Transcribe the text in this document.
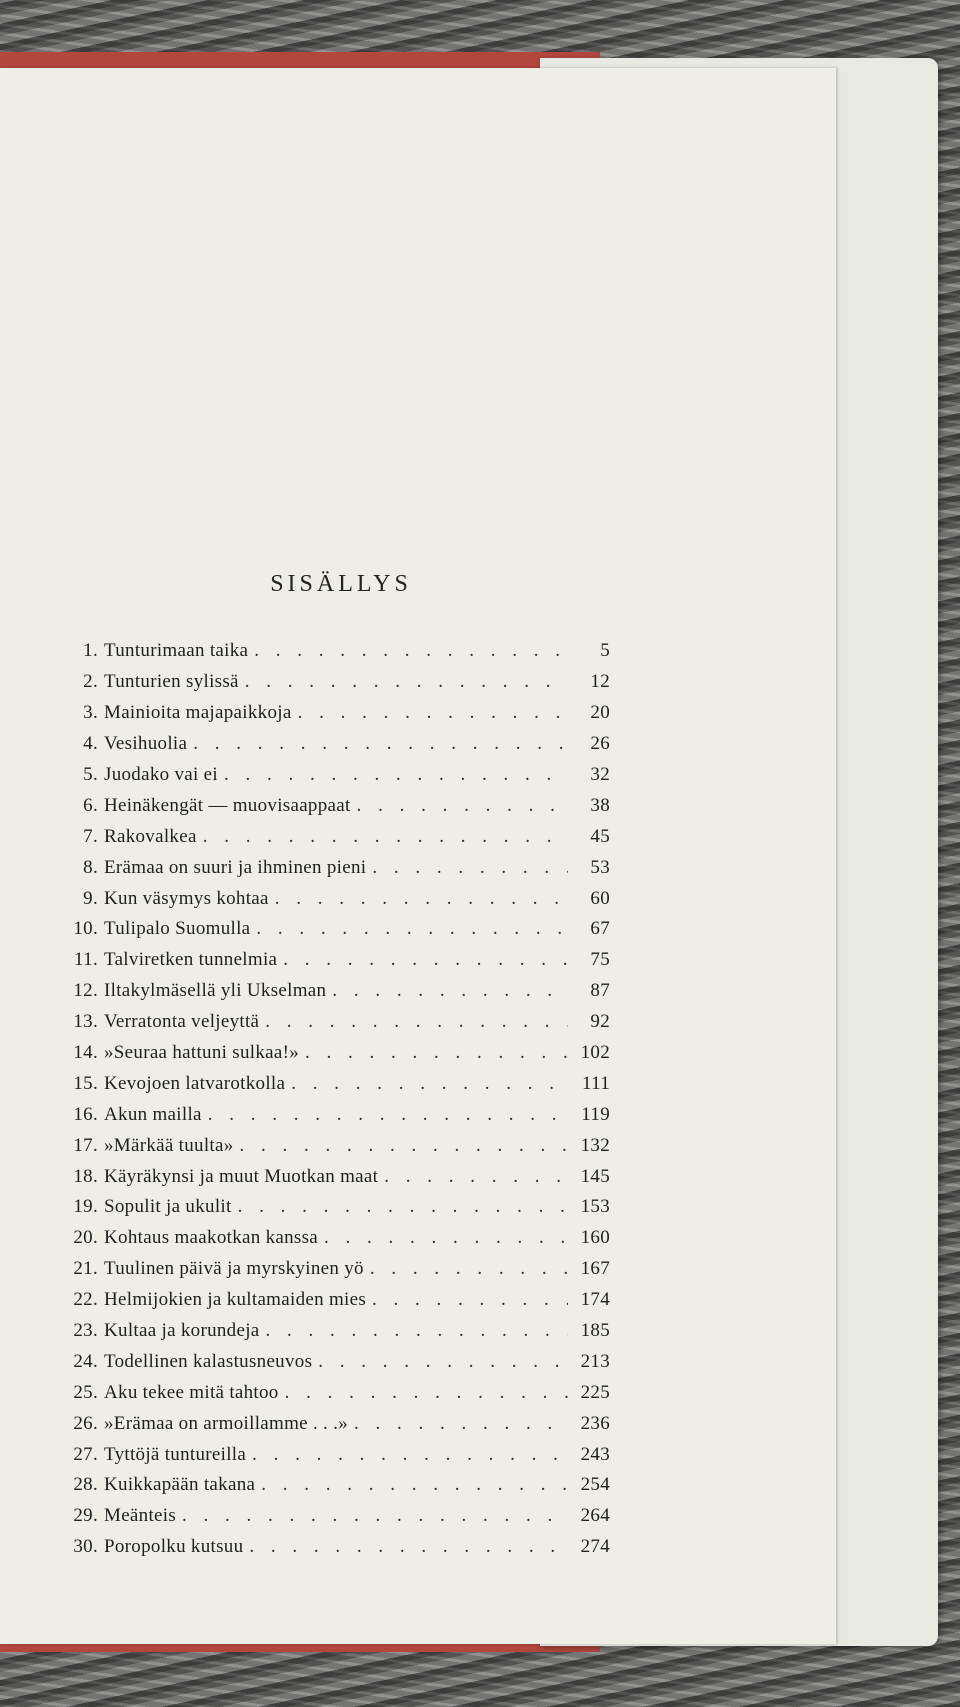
SISÄLLYS
1. Tunturimaan taika . . .	5
2. Tunturien sylissä . . .	12
3. Mainioita majapaikkoja . . .	20
4. Vesihuolia . . .	26
5. Juodako vai ei . . .	32
6. Heinäkengät — muovisaappaat . . .	38
7. Rakovalkea . . .	45
8. Erämaa on suuri ja ihminen pieni . . .	53
9. Kun väsymys kohtaa . . .	60
10. Tulipalo Suomulla . . .	67
11. Talviretken tunnelmia . . .	75
12. Iltakylmäsellä yli Ukselman . . .	87
13. Verratonta veljeyttä . . .	92
14. »Seuraa hattuni sulkaa!» . . .	102
15. Kevojoen latvarotkolla . . .	111
16. Akun mailla . . .	119
17. »Märkää tuulta» . . .	132
18. Käyräkynsi ja muut Muotkan maat . . .	145
19. Sopulit ja ukulit . . .	153
20. Kohtaus maakotkan kanssa . . .	160
21. Tuulinen päivä ja myrskyinen yö . . .	167
22. Helmijokien ja kultamaiden mies . . .	174
23. Kultaa ja korundeja . . .	185
24. Todellinen kalastusneuvos . . .	213
25. Aku tekee mitä tahtoo . . .	225
26. »Erämaa on armoillamme . . .» . . .	236
27. Tyttöjä tuntureilla . . .	243
28. Kuikkapään takana . . .	254
29. Meänteis . . .	264
30. Poropolku kutsuu . . .	274
